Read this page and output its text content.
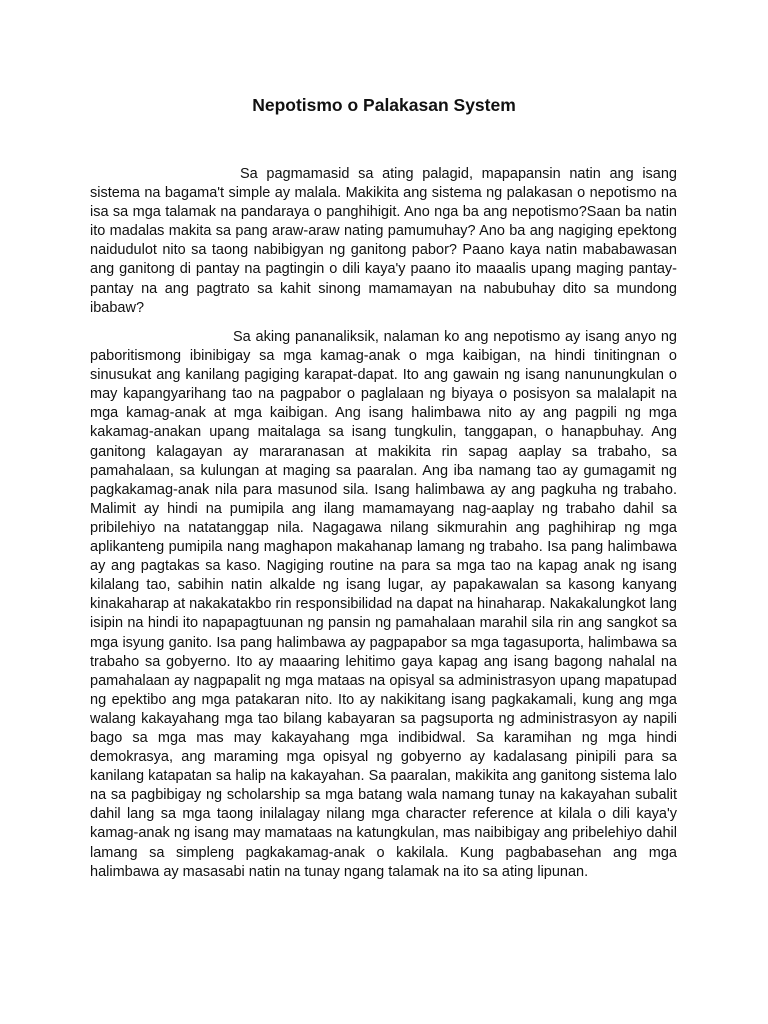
Nepotismo o Palakasan System

Sa pagmamasid sa ating palagid, mapapansin natin ang isang sistema na bagama't simple ay malala. Makikita ang sistema ng palakasan o nepotismo na isa sa mga talamak na pandaraya o panghihigit. Ano nga ba ang nepotismo?Saan ba natin ito madalas makita sa pang araw-araw nating pamumuhay? Ano ba ang nagiging epektong naidudulot nito sa taong nabibigyan ng ganitong pabor? Paano kaya natin mababawasan ang ganitong di pantay na pagtingin o dili kaya'y paano ito maaalis upang maging pantay-pantay na ang pagtrato sa kahit sinong mamamayan na nabubuhay dito sa mundong ibabaw?

Sa aking pananaliksik, nalaman ko ang nepotismo ay isang anyo ng paboritismong ibinibigay sa mga kamag-anak o mga kaibigan, na hindi tinitingnan o sinusukat ang kanilang pagiging karapat-dapat. Ito ang gawain ng isang nanunungkulan o may kapangyarihang tao na pagpabor o paglalaan ng biyaya o posisyon sa malalapit na mga kamag-anak at mga kaibigan. Ang isang halimbawa nito ay ang pagpili ng mga kakamag-anakan upang maitalaga sa isang tungkulin, tanggapan, o hanapbuhay. Ang ganitong kalagayan ay mararanasan at makikita rin sapag aaplay sa trabaho, sa pamahalaan, sa kulungan at maging sa paaralan. Ang iba namang tao ay gumagamit ng pagkakamag-anak nila para masunod sila. Isang halimbawa ay ang pagkuha ng trabaho. Malimit ay hindi na pumipila ang ilang mamamayang nag-aaplay ng trabaho dahil sa pribilehiyo na natatanggap nila. Nagagawa nilang sikmurahin ang paghihirap ng mga aplikanteng pumipila nang maghapon makahanap lamang ng trabaho. Isa pang halimbawa ay ang pagtakas sa kaso. Nagiging routine na para sa mga tao na kapag anak ng isang kilalang tao, sabihin natin alkalde ng isang lugar, ay papakawalan sa kasong kanyang kinakaharap at nakakatakbo rin responsibilidad na dapat na hinaharap. Nakakalungkot lang isipin na hindi ito napapagtuunan ng pansin ng pamahalaan marahil sila rin ang sangkot sa mga isyung ganito. Isa pang halimbawa ay pagpapabor sa mga tagasuporta, halimbawa sa trabaho sa gobyerno. Ito ay maaaring lehitimo gaya kapag ang isang bagong nahalal na pamahalaan ay nagpapalit ng mga mataas na opisyal sa administrasyon upang mapatupad ng epektibo ang mga patakaran nito. Ito ay nakikitang isang pagkakamali, kung ang mga walang kakayahang mga tao bilang kabayaran sa pagsuporta ng administrasyon ay napili bago sa mga mas may kakayahang mga indibidwal. Sa karamihan ng mga hindi demokrasya, ang maraming mga opisyal ng gobyerno ay kadalasang pinipili para sa kanilang katapatan sa halip na kakayahan. Sa paaralan, makikita ang ganitong sistema lalo na sa pagbibigay ng scholarship sa mga batang wala namang tunay na kakayahan subalit dahil lang sa mga taong inilalagay nilang mga character reference at kilala o dili kaya'y kamag-anak ng isang may mamataas na katungkulan, mas naibibigay ang pribelehiyo dahil lamang sa simpleng pagkakamag-anak o kakilala. Kung pagbabasehan ang mga halimbawa ay masasabi natin na tunay ngang talamak na ito sa ating lipunan.
